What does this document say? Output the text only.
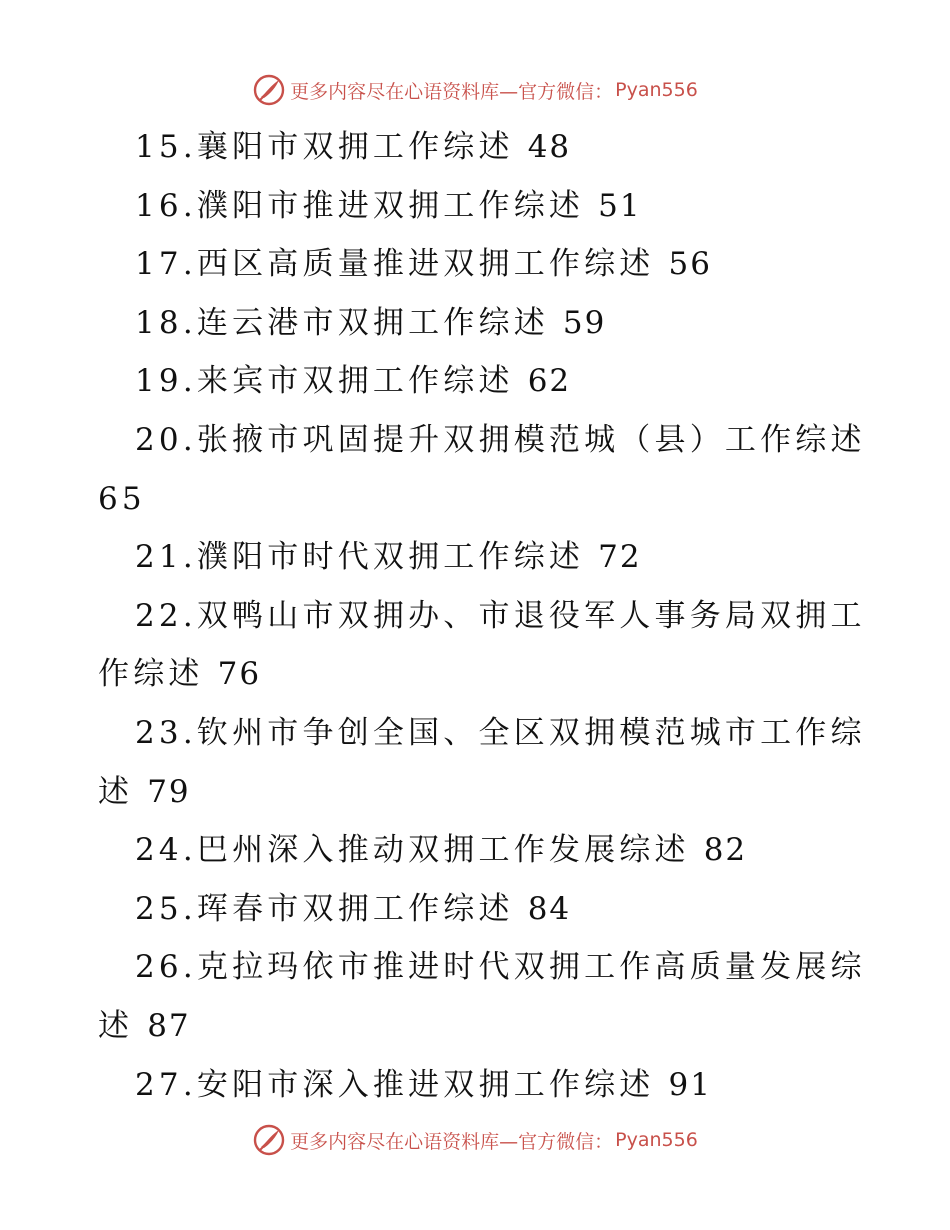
更多内容尽在心语资料库—官方微信： Pyan556
15.襄阳市双拥工作综述 48
16.濮阳市推进双拥工作综述 51
17.西区高质量推进双拥工作综述 56
18.连云港市双拥工作综述 59
19.来宾市双拥工作综述 62
20.张掖市巩固提升双拥模范城（县）工作综述
65
21.濮阳市时代双拥工作综述 72
22.双鸭山市双拥办、市退役军人事务局双拥工
作综述 76
23.钦州市争创全国、全区双拥模范城市工作综
述 79
24.巴州深入推动双拥工作发展综述 82
25.珲春市双拥工作综述 84
26.克拉玛依市推进时代双拥工作高质量发展综
述 87
27.安阳市深入推进双拥工作综述 91
更多内容尽在心语资料库—官方微信： Pyan556
